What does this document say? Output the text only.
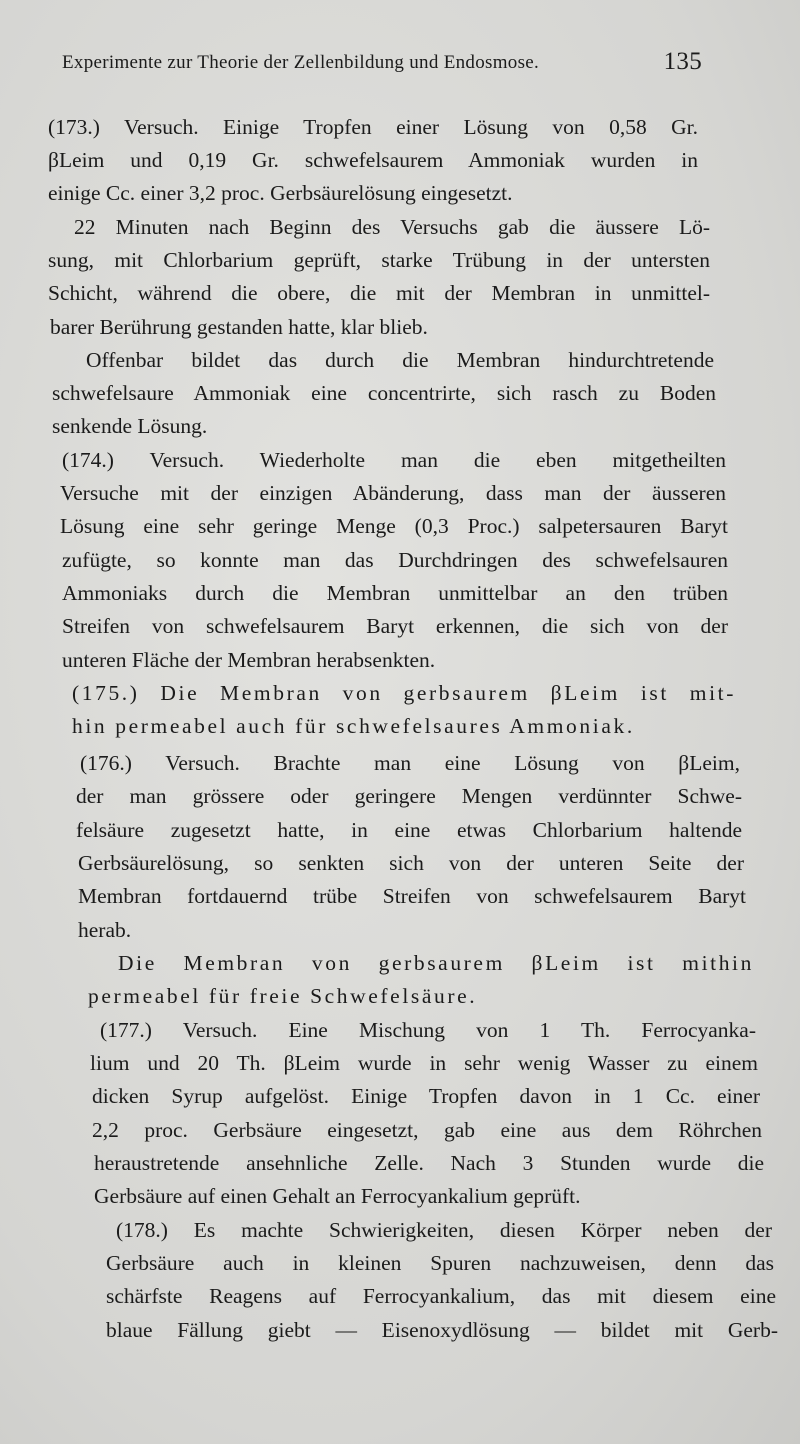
Experimente zur Theorie der Zellenbildung und Endosmose.	135
(173.) Versuch. Einige Tropfen einer Lösung von 0,58 Gr.
βLeim und 0,19 Gr. schwefelsaurem Ammoniak wurden in
einige Cc. einer 3,2 proc. Gerbsäurelösung eingesetzt.
22 Minuten nach Beginn des Versuchs gab die äussere Lö-
sung, mit Chlorbarium geprüft, starke Trübung in der untersten
Schicht, während die obere, die mit der Membran in unmittel-
barer Berührung gestanden hatte, klar blieb.
Offenbar bildet das durch die Membran hindurchtretende
schwefelsaure Ammoniak eine concentrirte, sich rasch zu Boden
senkende Lösung.
(174.) Versuch. Wiederholte man die eben mitgetheilten
Versuche mit der einzigen Abänderung, dass man der äusseren
Lösung eine sehr geringe Menge (0,3 Proc.) salpetersauren Baryt
zufügte, so konnte man das Durchdringen des schwefelsauren
Ammoniaks durch die Membran unmittelbar an den trüben
Streifen von schwefelsaurem Baryt erkennen, die sich von der
unteren Fläche der Membran herabsenkten.
(175.) Die Membran von gerbsaurem βLeim ist mit-
hin permeabel auch für schwefelsaures Ammoniak.
(176.) Versuch. Brachte man eine Lösung von βLeim,
der man grössere oder geringere Mengen verdünnter Schwe-
felsäure zugesetzt hatte, in eine etwas Chlorbarium haltende
Gerbsäurelösung, so senkten sich von der unteren Seite der
Membran fortdauernd trübe Streifen von schwefelsaurem Baryt
herab.
Die Membran von gerbsaurem βLeim ist mithin
permeabel für freie Schwefelsäure.
(177.) Versuch. Eine Mischung von 1 Th. Ferrocyanka-
lium und 20 Th. βLeim wurde in sehr wenig Wasser zu einem
dicken Syrup aufgelöst. Einige Tropfen davon in 1 Cc. einer
2,2 proc. Gerbsäure eingesetzt, gab eine aus dem Röhrchen
heraustretende ansehnliche Zelle. Nach 3 Stunden wurde die
Gerbsäure auf einen Gehalt an Ferrocyankalium geprüft.
(178.) Es machte Schwierigkeiten, diesen Körper neben der
Gerbsäure auch in kleinen Spuren nachzuweisen, denn das
schärfste Reagens auf Ferrocyankalium, das mit diesem eine
blaue Fällung giebt — Eisenoxydlösung — bildet mit Gerb-
